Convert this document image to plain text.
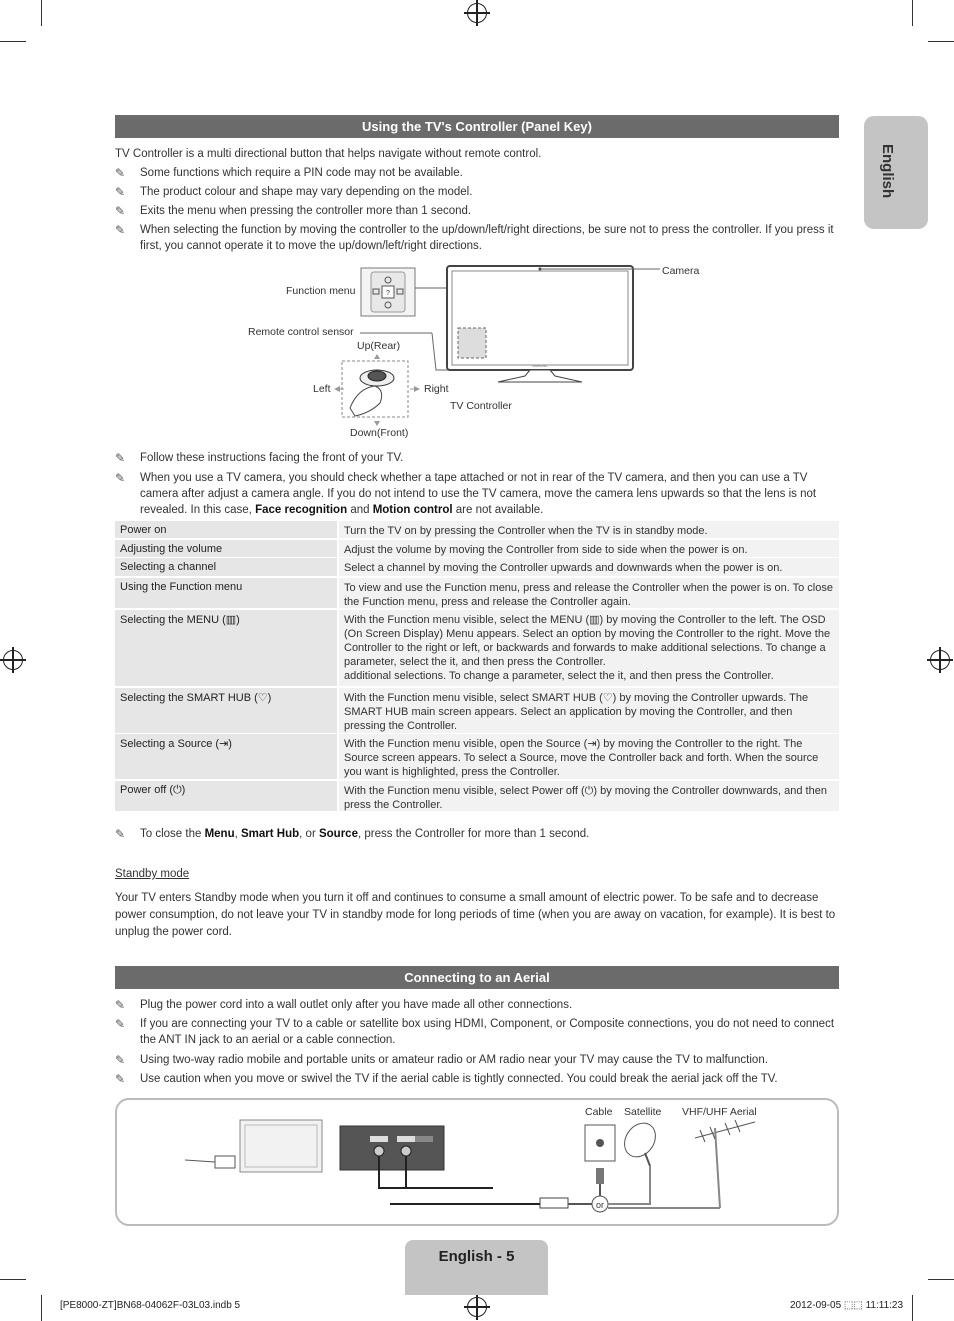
English
Using the TV's Controller (Panel Key)
TV Controller is a multi directional button that helps navigate without remote control.
✎ Some functions which require a PIN code may not be available.
✎ The product colour and shape may vary depending on the model.
✎ Exits the menu when pressing the controller more than 1 second.
✎ When selecting the function by moving the controller to the up/down/left/right directions, be sure not to press the controller. If you press it first, you cannot operate it to move the up/down/left/right directions.
?
SAMSUNG
Function menu
Remote control sensor
Camera
Up(Rear)
Left	Right
Down(Front)
TV Controller
✎ Follow these instructions facing the front of your TV.
✎ When you use a TV camera, you should check whether a tape attached or not in rear of the TV camera, and then you can use a TV camera after adjust a camera angle. If you do not intend to use the TV camera, move the camera lens upwards so that the lens is not revealed. In this case, Face recognition and Motion control are not available.
Power on	Turn the TV on by pressing the Controller when the TV is in standby mode.
Adjusting the volume	Adjust the volume by moving the Controller from side to side when the power is on.
Selecting a channel	Select a channel by moving the Controller upwards and downwards when the power is on.
Using the Function menu	To view and use the Function menu, press and release the Controller when the power is on. To close the Function menu, press and release the Controller again.
Selecting the MENU (▥)	With the Function menu visible, select the MENU (▥) by moving the Controller to the left. The OSD (On Screen Display) Menu appears. Select an option by moving the Controller to the right. Move the Controller to the right or left, or backwards and forwards to make additional selections. To change a parameter, select the it, and then press the Controller.
additional selections. To change a parameter, select the it, and then press the Controller.
Selecting the SMART HUB (♡)	With the Function menu visible, select SMART HUB (♡) by moving the Controller upwards. The SMART HUB main screen appears. Select an application by moving the Controller, and then pressing the Controller.
Selecting a Source (⇥)	With the Function menu visible, open the Source (⇥) by moving the Controller to the right. The Source screen appears. To select a Source, move the Controller back and forth. When the source you want is highlighted, press the Controller.
Power off (⏻)	With the Function menu visible, select Power off (⏻) by moving the Controller downwards, and then press the Controller.
✎ To close the Menu, Smart Hub, or Source, press the Controller for more than 1 second.
Standby mode
Your TV enters Standby mode when you turn it off and continues to consume a small amount of electric power. To be safe and to decrease power consumption, do not leave your TV in standby mode for long periods of time (when you are away on vacation, for example). It is best to unplug the power cord.
Connecting to an Aerial
✎ Plug the power cord into a wall outlet only after you have made all other connections.
✎ If you are connecting your TV to a cable or satellite box using HDMI, Component, or Composite connections, you do not need to connect the ANT IN jack to an aerial or a cable connection.
✎ Using two-way radio mobile and portable units or amateur radio or AM radio near your TV may cause the TV to malfunction.
✎ Use caution when you move or swivel the TV if the aerial cable is tightly connected. You could break the aerial jack off the TV.
Cable Satellite VHF/UHF Aerial
or
English - 5
[PE8000-ZT]BN68-04062F-03L03.indb 5	2012-09-05 ⬚⬚ 11:11:23
